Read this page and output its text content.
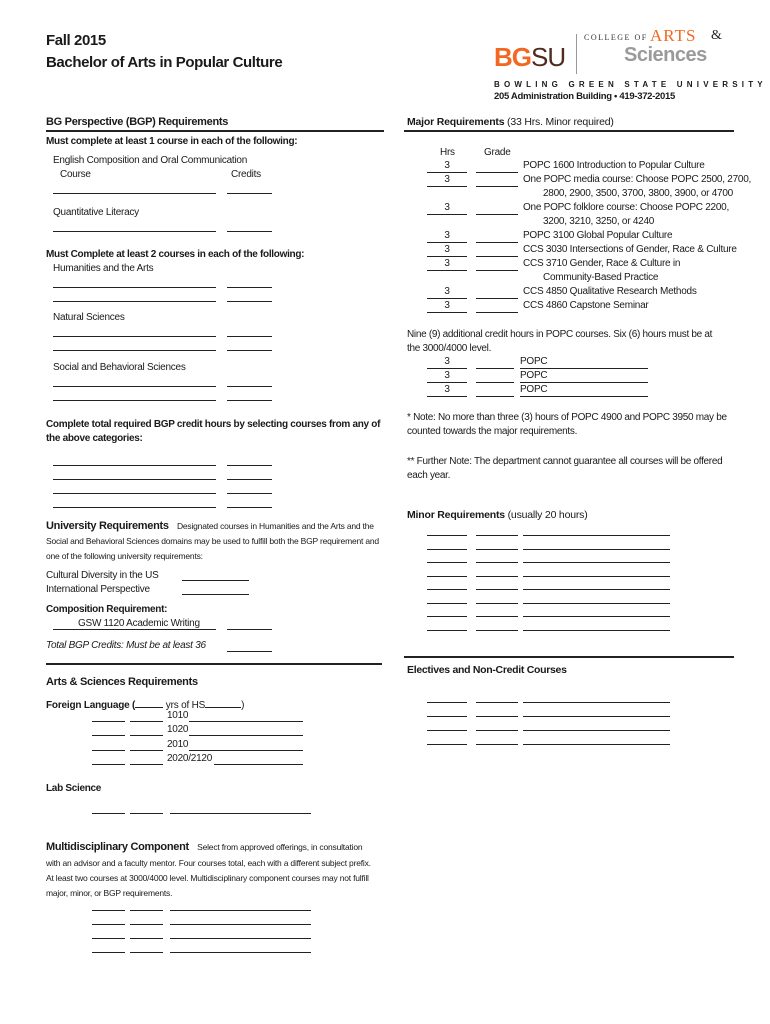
Fall 2015
Bachelor of Arts in Popular Culture	BG SU
COLLEGE OF ARTS &
Sciences
BOWLING GREEN STATE UNIVERSITY
205 Administration Building • 419-372-2015
BG Perspective (BGP) Requirements
Must complete at least 1 course in each of the following:
English Composition and Oral Communication
Course	Credits
Quantitative Literacy
Must Complete at least 2 courses in each of the following:
Humanities and the Arts
Natural Sciences
Social and Behavioral Sciences
Complete total required BGP credit hours by selecting courses from any of the above categories:
University Requirements Designated courses in Humanities and the Arts and the Social and Behavioral Sciences domains may be used to fulfill both the BGP requirement and one of the following university requirements:
Cultural Diversity in the US
International Perspective
Composition Requirement:
GSW 1120 Academic Writing
Total BGP Credits: Must be at least 36
Arts & Sciences Requirements
Foreign Language (	yrs of HS	)
1010
1020
2010
2020/2120
Lab Science
Multidisciplinary Component Select from approved offerings, in consultation with an advisor and a faculty mentor. Four courses total, each with a different subject prefix. At least two courses at 3000/4000 level. Multidisciplinary component courses may not fulfill major, minor, or BGP requirements.
Major Requirements (33 Hrs. Minor required)
Hrs	Grade
3	POPC 1600 Introduction to Popular Culture
3	One POPC media course: Choose POPC 2500, 2700,
2800, 2900, 3500, 3700, 3800, 3900, or 4700
3	One POPC folklore course: Choose POPC 2200,
3200, 3210, 3250, or 4240
3	POPC 3100 Global Popular Culture
3	CCS 3030 Intersections of Gender, Race & Culture
3	CCS 3710 Gender, Race & Culture in
Community-Based Practice
3	CCS 4850 Qualitative Research Methods
3	CCS 4860 Capstone Seminar
Nine (9) additional credit hours in POPC courses. Six (6) hours must be at the 3000/4000 level.
3	POPC
3	POPC
3	POPC
* Note: No more than three (3) hours of POPC 4900 and POPC 3950 may be counted towards the major requirements.
** Further Note: The department cannot guarantee all courses will be offered each year.
Minor Requirements (usually 20 hours)
Electives and Non-Credit Courses
